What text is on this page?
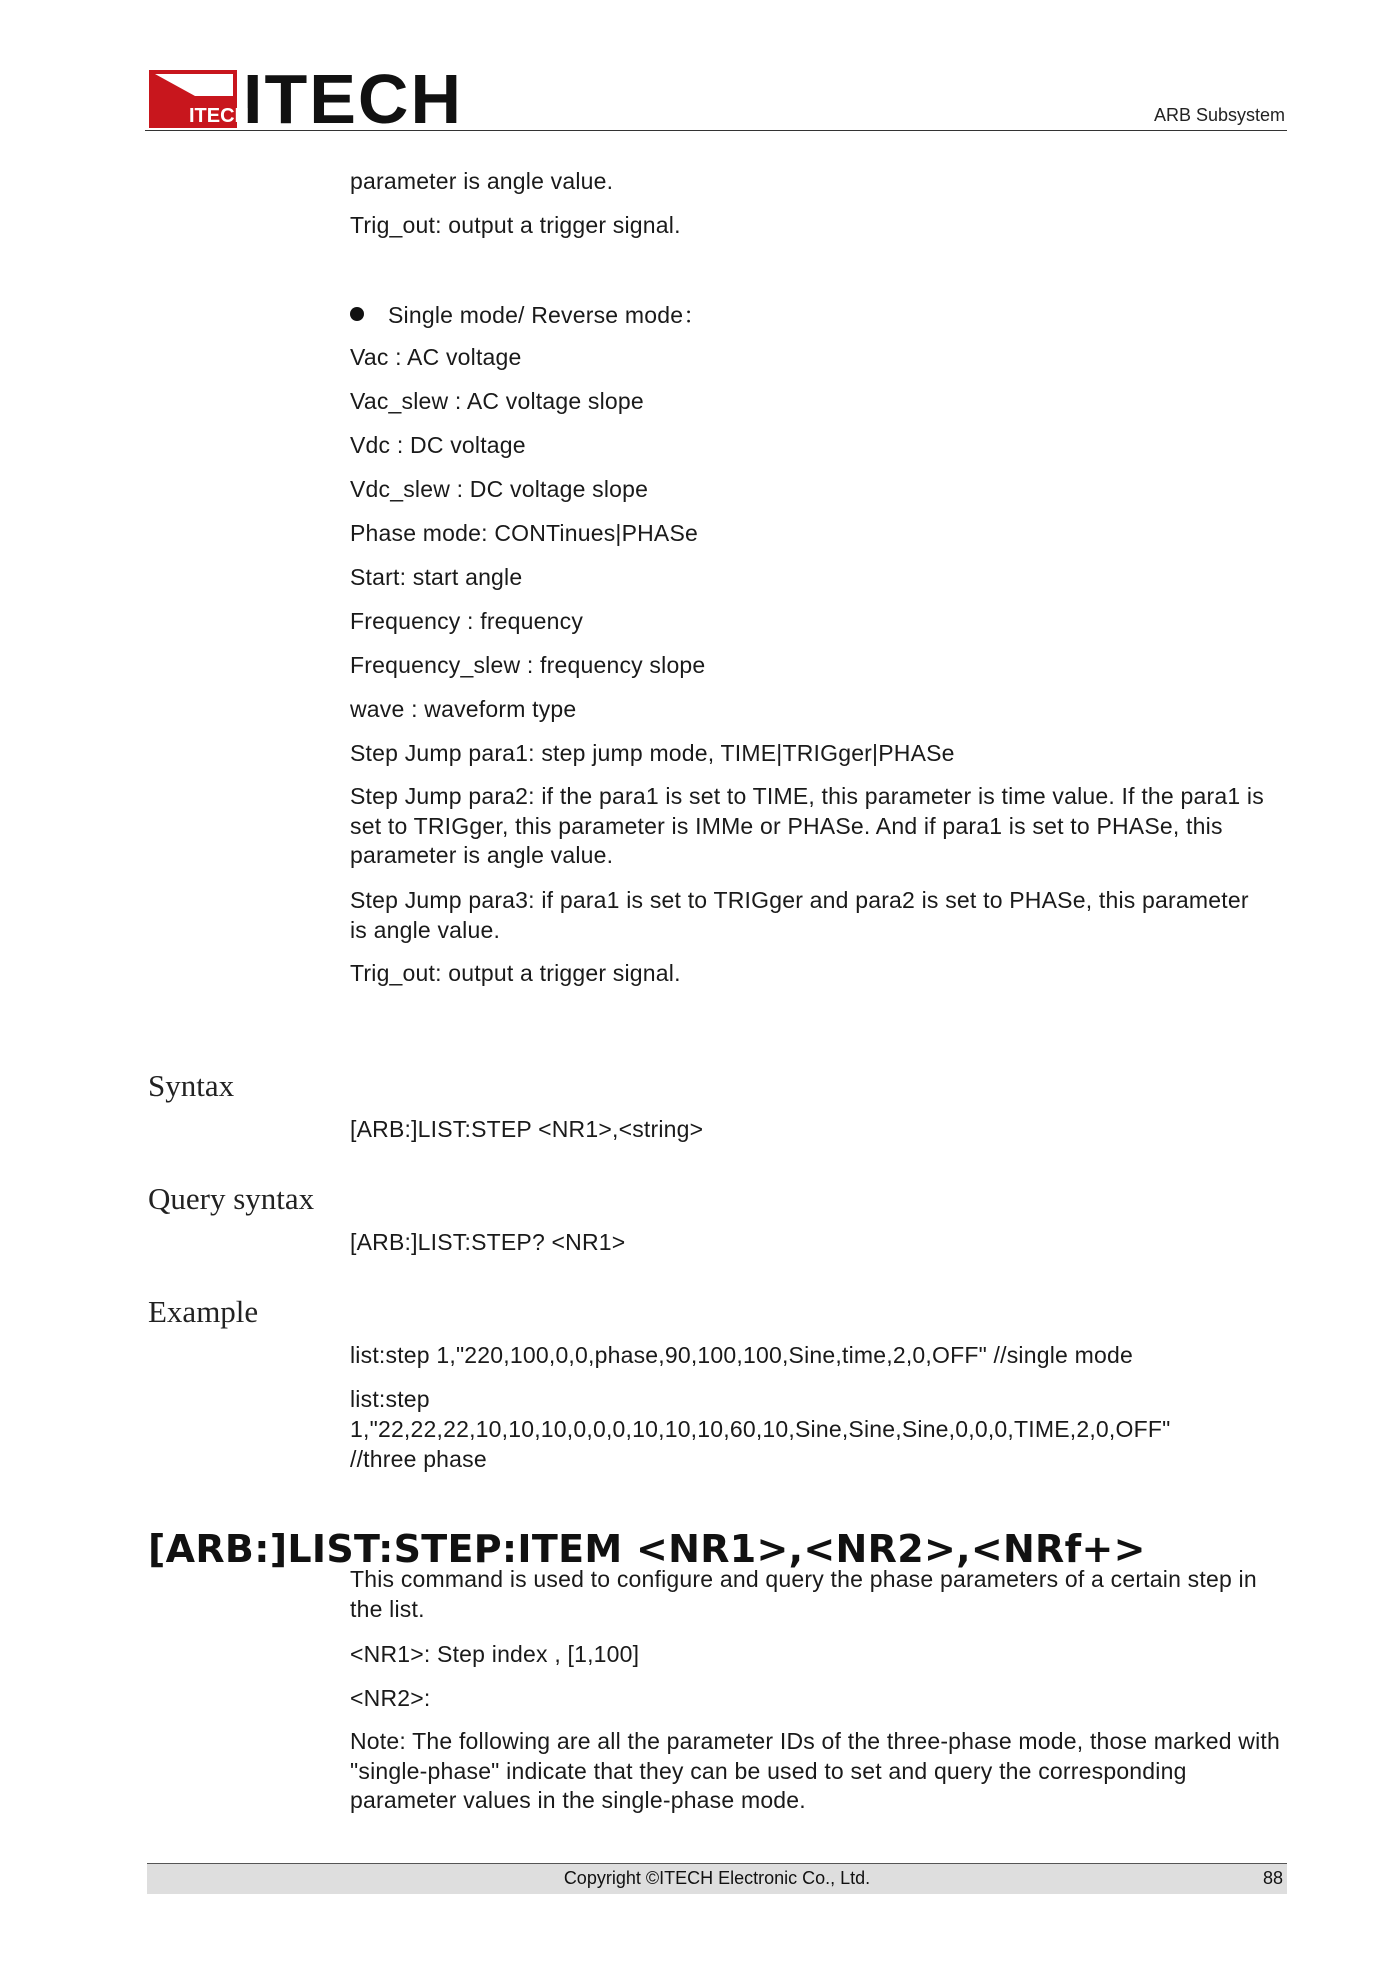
ITECH
ITECH	ARB Subsystem
parameter is angle value.
Trig_out: output a trigger signal.
Single mode/ Reverse mode：
Vac : AC voltage
Vac_slew : AC voltage slope
Vdc : DC voltage
Vdc_slew : DC voltage slope
Phase mode: CONTinues|PHASe
Start: start angle
Frequency : frequency
Frequency_slew : frequency slope
wave : waveform type
Step Jump para1: step jump mode, TIME|TRIGger|PHASe
Step Jump para2: if the para1 is set to TIME, this parameter is time value. If the para1 is set to TRIGger, this parameter is IMMe or PHASe. And if para1 is set to PHASe, this parameter is angle value.
Step Jump para3: if para1 is set to TRIGger and para2 is set to PHASe, this parameter is angle value.
Trig_out: output a trigger signal.
[ARB:]LIST:STEP <NR1>,<string>
[ARB:]LIST:STEP? <NR1>
list:step 1,"220,100,0,0,phase,90,100,100,Sine,time,2,0,OFF" //single mode
list:step
1,"22,22,22,10,10,10,0,0,0,10,10,10,60,10,Sine,Sine,Sine,0,0,0,TIME,2,0,OFF"
//three phase
This command is used to configure and query the phase parameters of a certain step in the list.
<NR1>: Step index , [1,100]
<NR2>:
Note: The following are all the parameter IDs of the three-phase mode, those marked with "single-phase" indicate that they can be used to set and query the corresponding parameter values in the single-phase mode.
Syntax
Query syntax
Example
[ARB:]LIST:STEP:ITEM <NR1>,<NR2>,<NRf+>
Copyright ©ITECH Electronic Co., Ltd.	88
